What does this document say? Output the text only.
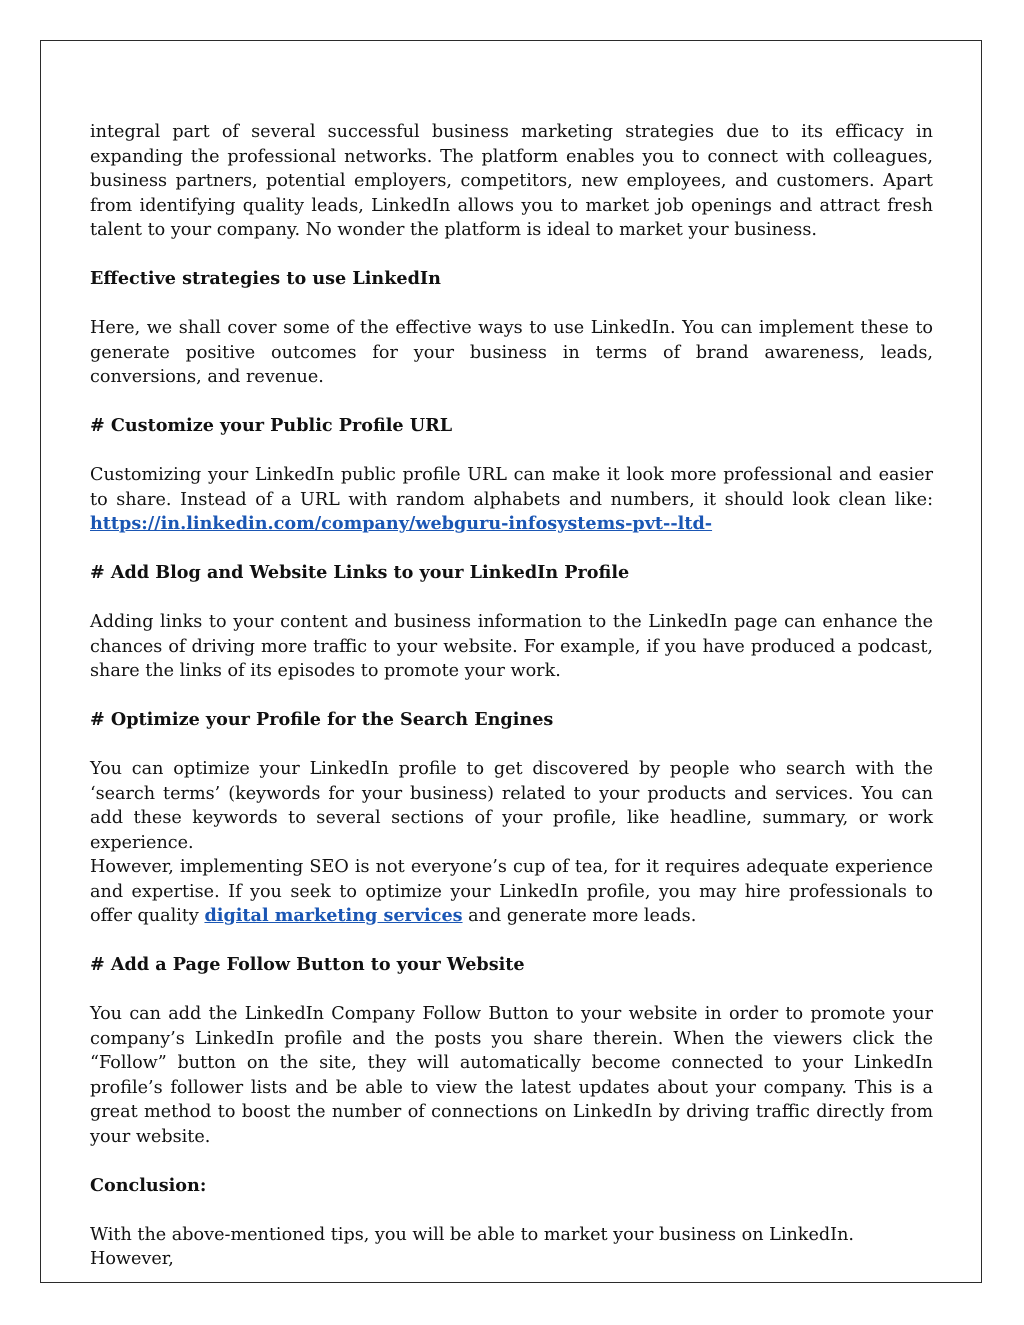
integral part of several successful business marketing strategies due to its efficacy in expanding the professional networks. The platform enables you to connect with colleagues, business partners, potential employers, competitors, new employees, and customers. Apart from identifying quality leads, LinkedIn allows you to market job openings and attract fresh talent to your company. No wonder the platform is ideal to market your business.

Effective strategies to use LinkedIn

Here, we shall cover some of the effective ways to use LinkedIn. You can implement these to generate positive outcomes for your business in terms of brand awareness, leads, conversions, and revenue.

# Customize your Public Profile URL

Customizing your LinkedIn public profile URL can make it look more professional and easier to share. Instead of a URL with random alphabets and numbers, it should look clean like: https://in.linkedin.com/company/webguru-infosystems-pvt--ltd-

# Add Blog and Website Links to your LinkedIn Profile

Adding links to your content and business information to the LinkedIn page can enhance the chances of driving more traffic to your website. For example, if you have produced a podcast, share the links of its episodes to promote your work.

# Optimize your Profile for the Search Engines

You can optimize your LinkedIn profile to get discovered by people who search with the ‘search terms’ (keywords for your business) related to your products and services. You can add these keywords to several sections of your profile, like headline, summary, or work experience.

However, implementing SEO is not everyone’s cup of tea, for it requires adequate experience and expertise. If you seek to optimize your LinkedIn profile, you may hire professionals to offer quality digital marketing services and generate more leads.

# Add a Page Follow Button to your Website

You can add the LinkedIn Company Follow Button to your website in order to promote your company’s LinkedIn profile and the posts you share therein. When the viewers click the “Follow” button on the site, they will automatically become connected to your LinkedIn profile’s follower lists and be able to view the latest updates about your company. This is a great method to boost the number of connections on LinkedIn by driving traffic directly from your website.

Conclusion:

With the above-mentioned tips, you will be able to market your business on LinkedIn. However,
